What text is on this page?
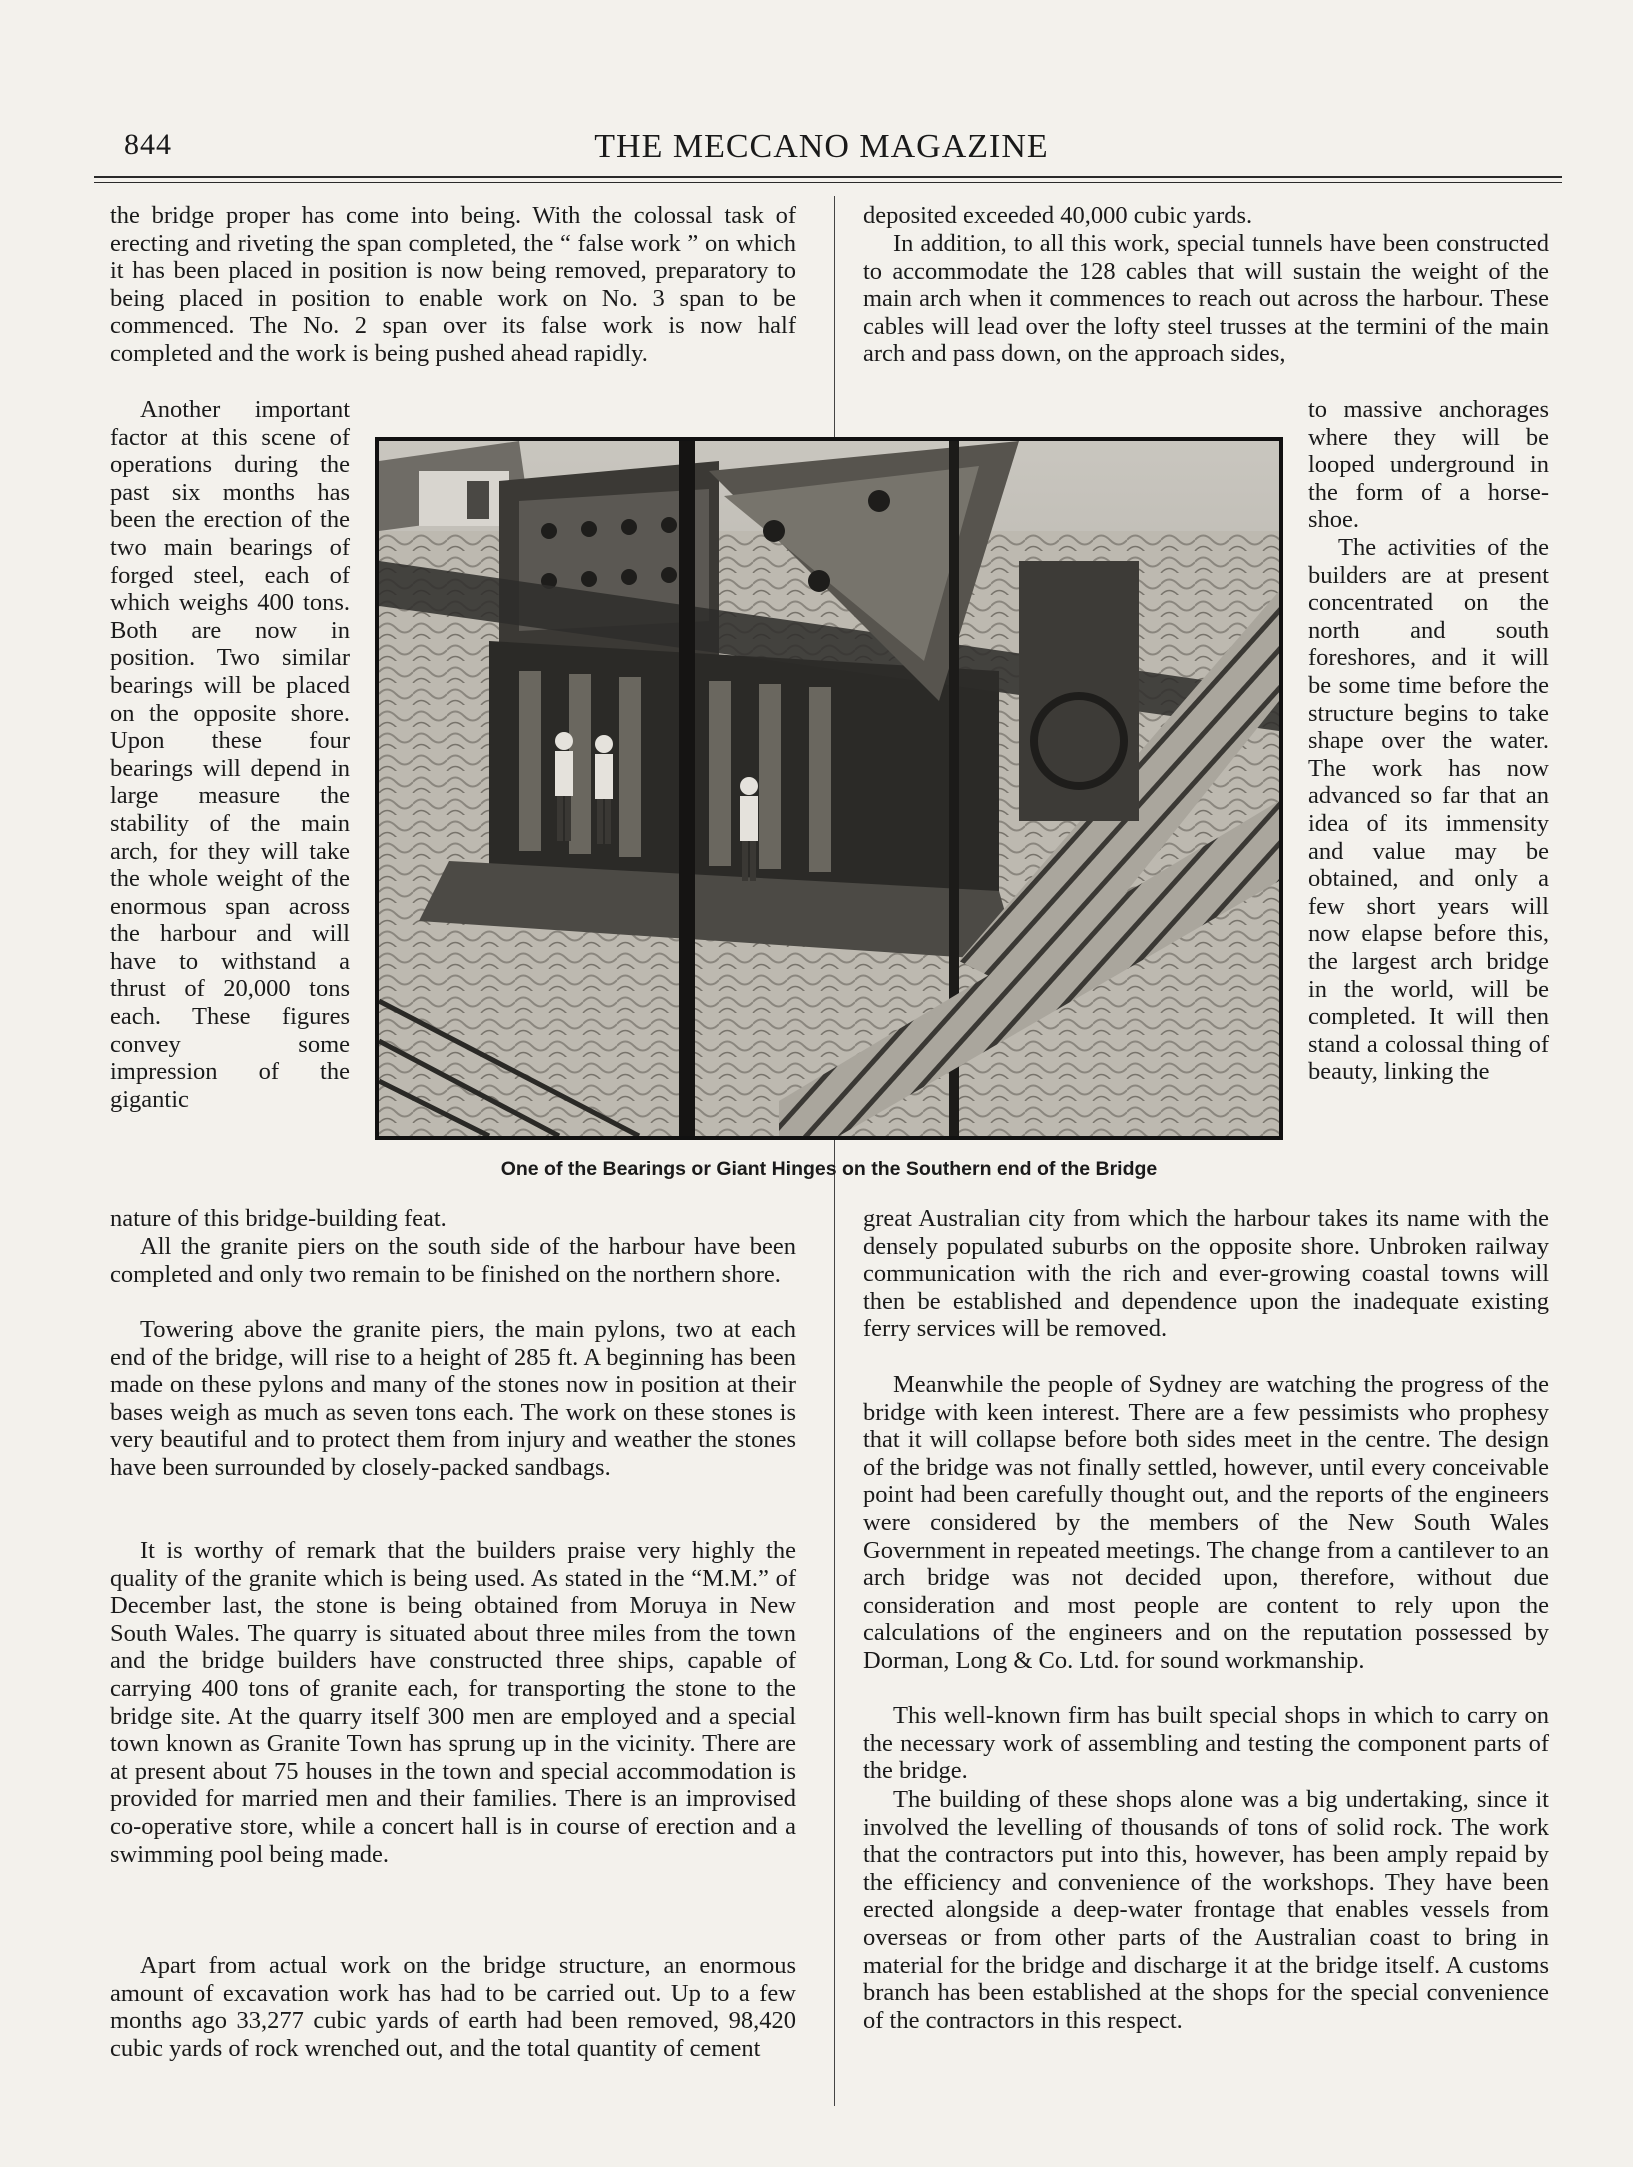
844	THE MECCANO MAGAZINE

the bridge proper has come into being. With the colossal task of erecting and riveting the span completed, the “ false work ” on which it has been placed in position is now being removed, preparatory to being placed in position to enable work on No. 3 span to be commenced. The No. 2 span over its false work is now half completed and the work is being pushed ahead rapidly.

Another important factor at this scene of operations during the past six months has been the erection of the two main bearings of forged steel, each of which weighs 400 tons. Both are now in position. Two similar bearings will be placed on the opposite shore. Upon these four bearings will depend in large measure the stability of the main arch, for they will take the whole weight of the enormous span across the harbour and will have to withstand a thrust of 20,000 tons each. These figures convey some impression of the gigantic

nature of this bridge-building feat.

All the granite piers on the south side of the harbour have been completed and only two remain to be finished on the northern shore.

Towering above the granite piers, the main pylons, two at each end of the bridge, will rise to a height of 285 ft. A beginning has been made on these pylons and many of the stones now in position at their bases weigh as much as seven tons each. The work on these stones is very beautiful and to protect them from injury and weather the stones have been surrounded by closely-packed sandbags.

It is worthy of remark that the builders praise very highly the quality of the granite which is being used. As stated in the “M.M.” of December last, the stone is being obtained from Moruya in New South Wales. The quarry is situated about three miles from the town and the bridge builders have constructed three ships, capable of carrying 400 tons of granite each, for transporting the stone to the bridge site. At the quarry itself 300 men are employed and a special town known as Granite Town has sprung up in the vicinity. There are at present about 75 houses in the town and special accommodation is provided for married men and their families. There is an improvised co-operative store, while a concert hall is in course of erection and a swimming pool being made.

Apart from actual work on the bridge structure, an enormous amount of excavation work has had to be carried out. Up to a few months ago 33,277 cubic yards of earth had been removed, 98,420 cubic yards of rock wrenched out, and the total quantity of cement

deposited exceeded 40,000 cubic yards.

In addition, to all this work, special tunnels have been constructed to accommodate the 128 cables that will sustain the weight of the main arch when it commences to reach out across the harbour. These cables will lead over the lofty steel trusses at the termini of the main arch and pass down, on the approach sides,

to massive anchorages where they will be looped underground in the form of a horse-shoe.

The activities of the builders are at present concentrated on the north and south foreshores, and it will be some time before the structure begins to take shape over the water. The work has now advanced so far that an idea of its immensity and value may be obtained, and only a few short years will now elapse before this, the largest arch bridge in the world, will be completed. It will then stand a colossal thing of beauty, linking the

great Australian city from which the harbour takes its name with the densely populated suburbs on the opposite shore. Unbroken railway communication with the rich and ever-growing coastal towns will then be established and dependence upon the inadequate existing ferry services will be removed.

Meanwhile the people of Sydney are watching the progress of the bridge with keen interest. There are a few pessimists who prophesy that it will collapse before both sides meet in the centre. The design of the bridge was not finally settled, however, until every conceivable point had been carefully thought out, and the reports of the engineers were considered by the members of the New South Wales Government in repeated meetings. The change from a cantilever to an arch bridge was not decided upon, therefore, without due consideration and most people are content to rely upon the calculations of the engineers and on the reputation possessed by Dorman, Long & Co. Ltd. for sound workmanship.

This well-known firm has built special shops in which to carry on the necessary work of assembling and testing the component parts of the bridge.

The building of these shops alone was a big undertaking, since it involved the levelling of thousands of tons of solid rock. The work that the contractors put into this, however, has been amply repaid by the efficiency and convenience of the workshops. They have been erected alongside a deep-water frontage that enables vessels from overseas or from other parts of the Australian coast to bring in material for the bridge and discharge it at the bridge itself. A customs branch has been established at the shops for the special convenience of the contractors in this respect.

One of the Bearings or Giant Hinges on the Southern end of the Bridge
